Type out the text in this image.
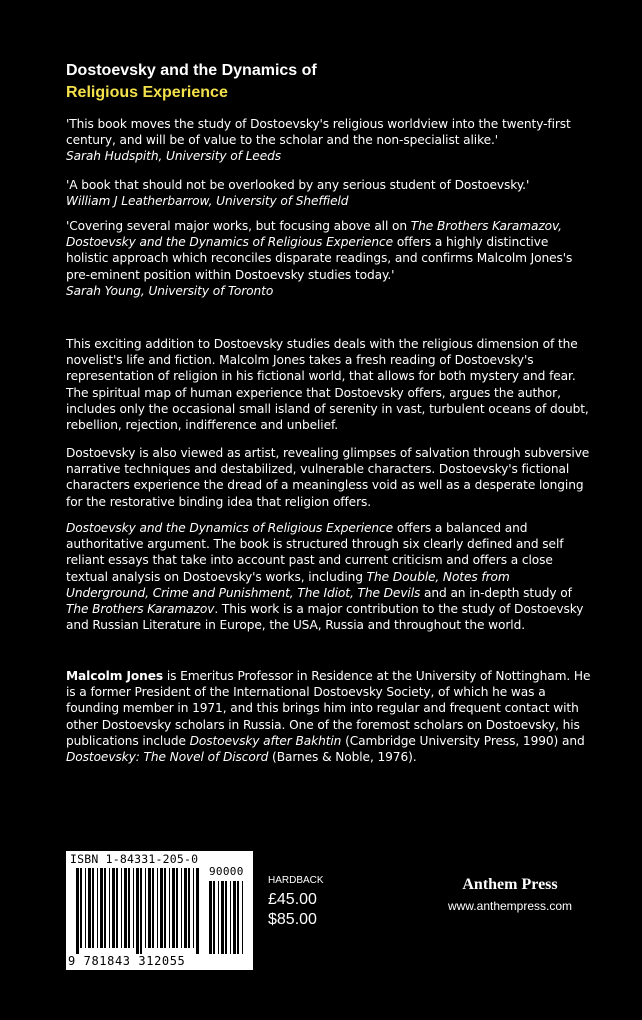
Dostoevsky and the Dynamics of
Religious Experience

'This book moves the study of Dostoevsky's religious worldview into the twenty-first century, and will be of value to the scholar and the non-specialist alike.'

Sarah Hudspith, University of Leeds

'A book that should not be overlooked by any serious student of Dostoevsky.'

William J Leatherbarrow, University of Sheffield

'Covering several major works, but focusing above all on The Brothers Karamazov, Dostoevsky and the Dynamics of Religious Experience offers a highly distinctive holistic approach which reconciles disparate readings, and confirms Malcolm Jones's pre-eminent position within Dostoevsky studies today.'

Sarah Young, University of Toronto

This exciting addition to Dostoevsky studies deals with the religious dimension of the novelist's life and fiction. Malcolm Jones takes a fresh reading of Dostoevsky's representation of religion in his fictional world, that allows for both mystery and fear. The spiritual map of human experience that Dostoevsky offers, argues the author, includes only the occasional small island of serenity in vast, turbulent oceans of doubt, rebellion, rejection, indifference and unbelief.

Dostoevsky is also viewed as artist, revealing glimpses of salvation through subversive narrative techniques and destabilized, vulnerable characters. Dostoevsky's fictional characters experience the dread of a meaningless void as well as a desperate longing for the restorative binding idea that religion offers.

Dostoevsky and the Dynamics of Religious Experience offers a balanced and authoritative argument. The book is structured through six clearly defined and self reliant essays that take into account past and current criticism and offers a close textual analysis on Dostoevsky's works, including The Double, Notes from Underground, Crime and Punishment, The Idiot, The Devils and an in-depth study of The Brothers Karamazov. This work is a major contribution to the study of Dostoevsky and Russian Literature in Europe, the USA, Russia and throughout the world.

Malcolm Jones is Emeritus Professor in Residence at the University of Nottingham. He is a former President of the International Dostoevsky Society, of which he was a founding member in 1971, and this brings him into regular and frequent contact with other Dostoevsky scholars in Russia. One of the foremost scholars on Dostoevsky, his publications include Dostoevsky after Bakhtin (Cambridge University Press, 1990) and Dostoevsky: The Novel of Discord (Barnes & Noble, 1976).

ISBN 1-84331-205-0
90000
9 781843 312055
HARDBACK
£45.00
$85.00
Anthem Press
www.anthempress.com
